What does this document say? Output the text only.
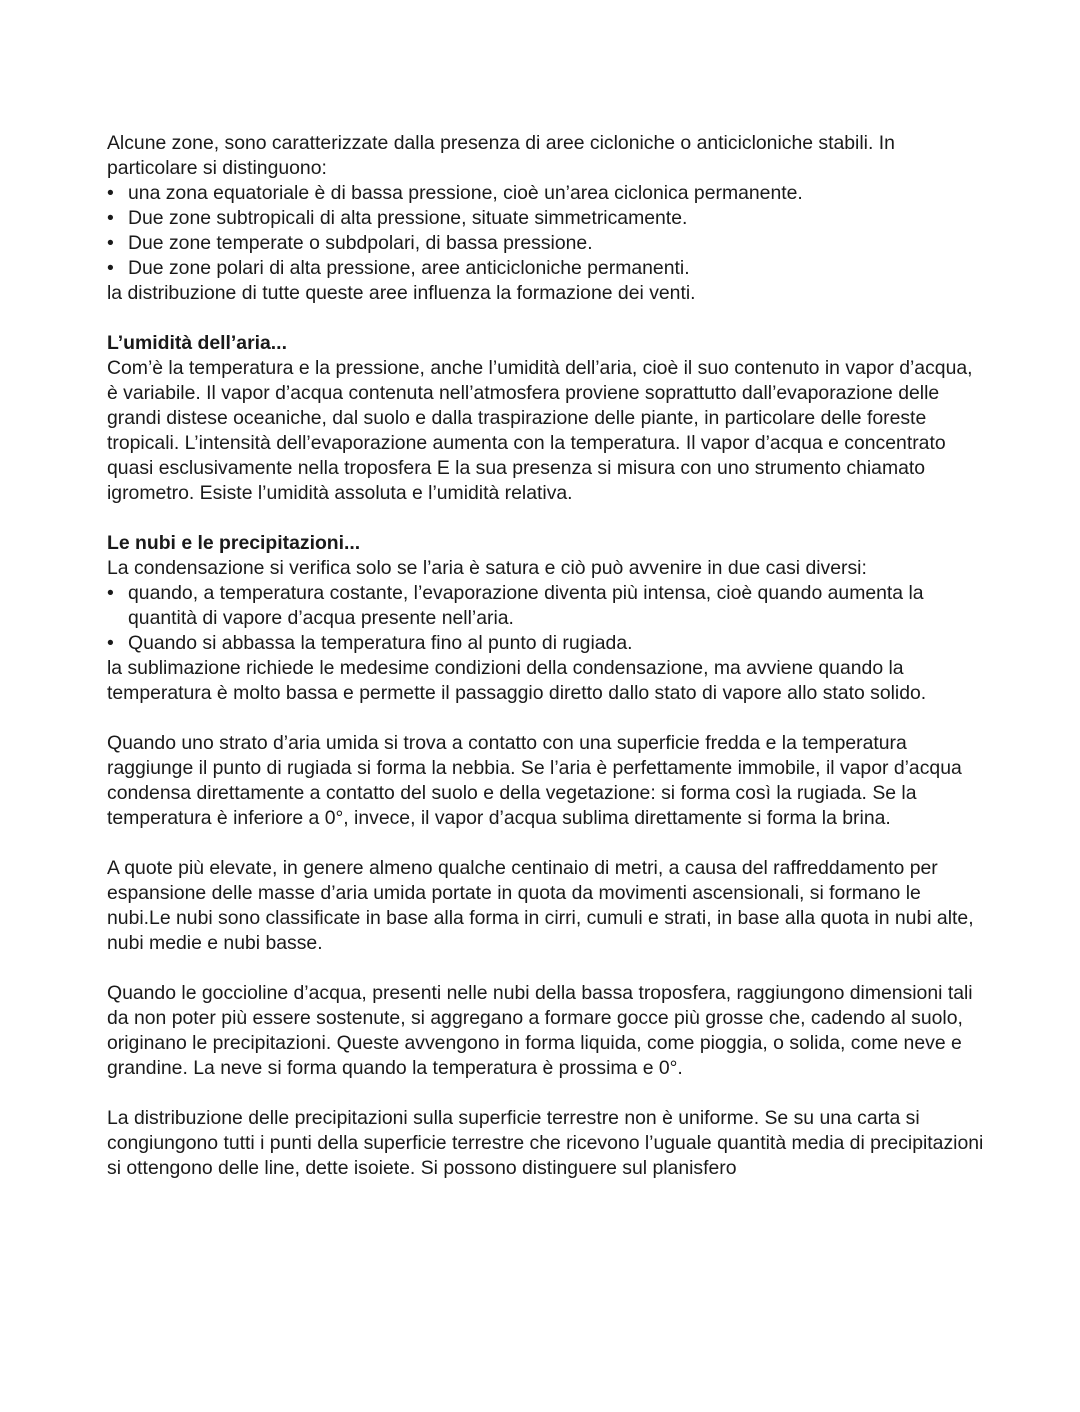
Alcune zone, sono caratterizzate dalla presenza di aree cicloniche o anticicloniche stabili. In particolare si distinguono:

• una zona equatoriale è di bassa pressione, cioè un’area ciclonica permanente.
• Due zone subtropicali di alta pressione, situate simmetricamente.
• Due zone temperate o subdpolari, di bassa pressione.
• Due zone polari di alta pressione, aree anticicloniche permanenti.

la distribuzione di tutte queste aree influenza la formazione dei venti.

L’umidità dell’aria...

Com’è la temperatura e la pressione, anche l’umidità dell’aria, cioè il suo contenuto in vapor d’acqua, è variabile. Il vapor d’acqua contenuta nell’atmosfera proviene soprattutto dall’evaporazione delle grandi distese oceaniche, dal suolo e dalla traspirazione delle piante, in particolare delle foreste tropicali. L’intensità dell’evaporazione aumenta con la temperatura. Il vapor d’acqua e concentrato quasi esclusivamente nella troposfera E la sua presenza si misura con uno strumento chiamato igrometro. Esiste l’umidità assoluta e l’umidità relativa.

Le nubi e le precipitazioni...

La condensazione si verifica solo se l’aria è satura e ciò può avvenire in due casi diversi:

• quando, a temperatura costante, l’evaporazione diventa più intensa, cioè quando aumenta la quantità di vapore d’acqua presente nell’aria.
• Quando si abbassa la temperatura fino al punto di rugiada.

la sublimazione richiede le medesime condizioni della condensazione, ma avviene quando la temperatura è molto bassa e permette il passaggio diretto dallo stato di vapore allo stato solido.

Quando uno strato d’aria umida si trova a contatto con una superficie fredda e la temperatura raggiunge il punto di rugiada si forma la nebbia. Se l’aria è perfettamente immobile, il vapor d’acqua condensa direttamente a contatto del suolo e della vegetazione: si forma così la rugiada. Se la temperatura è inferiore a 0°, invece, il vapor d’acqua sublima direttamente si forma la brina.

A quote più elevate, in genere almeno qualche centinaio di metri, a causa del raffreddamento per espansione delle masse d’aria umida portate in quota da movimenti ascensionali, si formano le nubi.Le nubi sono classificate in base alla forma in cirri, cumuli e strati, in base alla quota in nubi alte, nubi medie e nubi basse.

Quando le goccioline d’acqua, presenti nelle nubi della bassa troposfera, raggiungono dimensioni tali da non poter più essere sostenute, si aggregano a formare gocce più grosse che, cadendo al suolo, originano le precipitazioni. Queste avvengono in forma liquida, come pioggia, o solida, come neve e grandine. La neve si forma quando la temperatura è prossima e 0°.

La distribuzione delle precipitazioni sulla superficie terrestre non è uniforme. Se su una carta si congiungono tutti i punti della superficie terrestre che ricevono l’uguale quantità media di precipitazioni si ottengono delle line, dette isoiete. Si possono distinguere sul planisfero
